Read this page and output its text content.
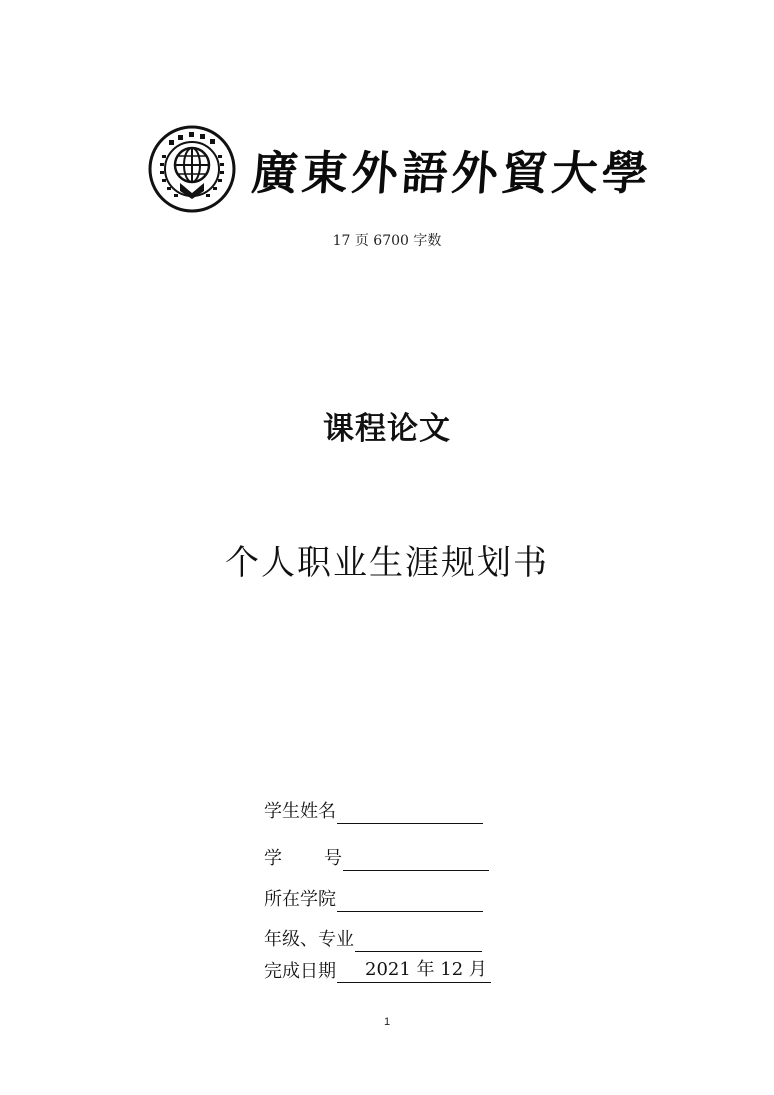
廣東外語外貿大學
17 页 6700 字数
课程论文
个人职业生涯规划书
学生姓名
学 号
所在学院
年级、专业
完成日期	2021 年 12 月
1
